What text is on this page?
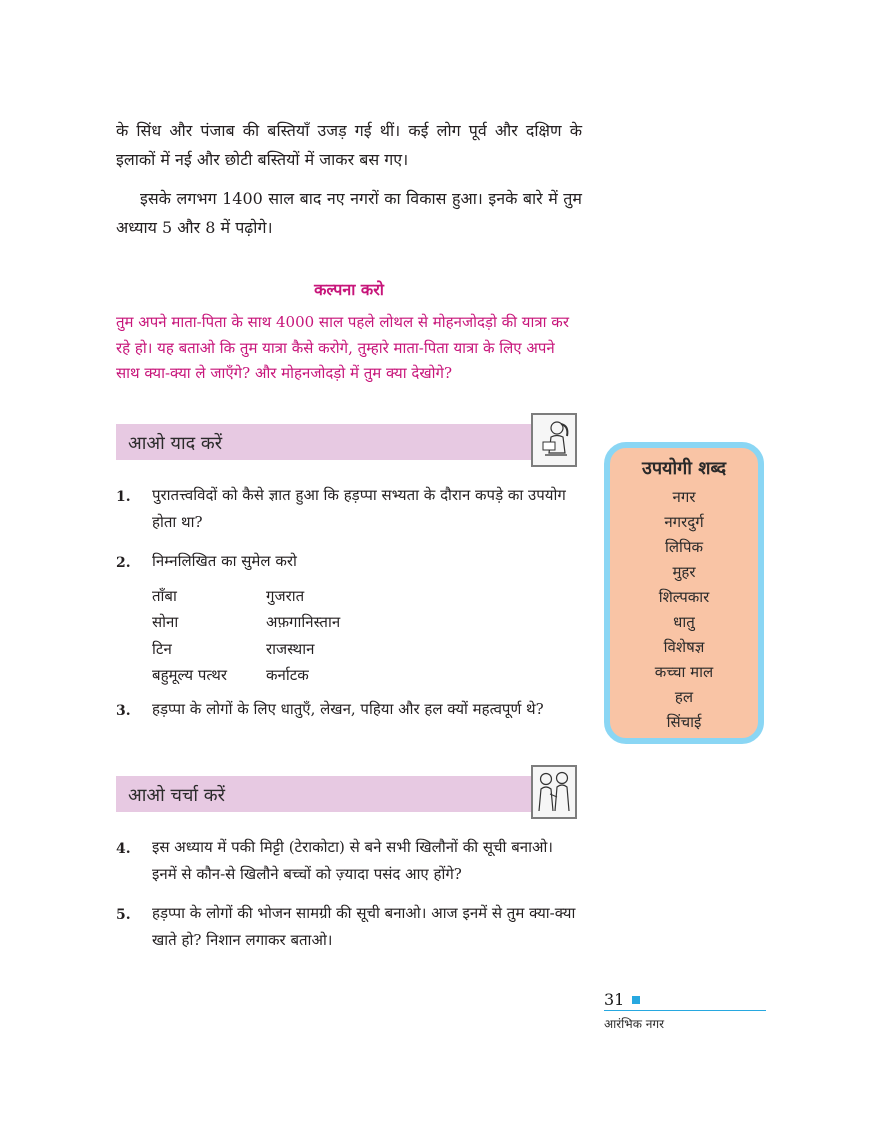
के सिंध और पंजाब की बस्तियाँ उजड़ गई थीं। कई लोग पूर्व और दक्षिण के इलाकों में नई और छोटी बस्तियों में जाकर बस गए।

इसके लगभग 1400 साल बाद नए नगरों का विकास हुआ। इनके बारे में तुम अध्याय 5 और 8 में पढ़ोगे।

कल्पना करो

तुम अपने माता-पिता के साथ 4000 साल पहले लोथल से मोहनजोदड़ो की यात्रा कर रहे हो। यह बताओ कि तुम यात्रा कैसे करोगे, तुम्हारे माता-पिता यात्रा के लिए अपने साथ क्या-क्या ले जाएँगे? और मोहनजोदड़ो में तुम क्या देखोगे?

आओ याद करें
1. पुरातत्त्वविदों को कैसे ज्ञात हुआ कि हड़प्पा सभ्यता के दौरान कपड़े का उपयोग होता था?

2. निम्नलिखित का सुमेल करो

ताँबा	गुजरात
सोना	अफ़गानिस्तान
टिन	राजस्थान
बहुमूल्य पत्थर	कर्नाटक
3. हड़प्पा के लोगों के लिए धातुएँ, लेखन, पहिया और हल क्यों महत्वपूर्ण थे?

आओ चर्चा करें
4. इस अध्याय में पकी मिट्टी (टेराकोटा) से बने सभी खिलौनों की सूची बनाओ। इनमें से कौन-से खिलौने बच्चों को ज़्यादा पसंद आए होंगे?

5. हड़प्पा के लोगों की भोजन सामग्री की सूची बनाओ। आज इनमें से तुम क्या-क्या खाते हो? निशान लगाकर बताओ।

उपयोगी शब्द
नगर
नगरदुर्ग
लिपिक
मुहर
शिल्पकार
धातु
विशेषज्ञ
कच्चा माल
हल
सिंचाई
31
आरंभिक नगर
